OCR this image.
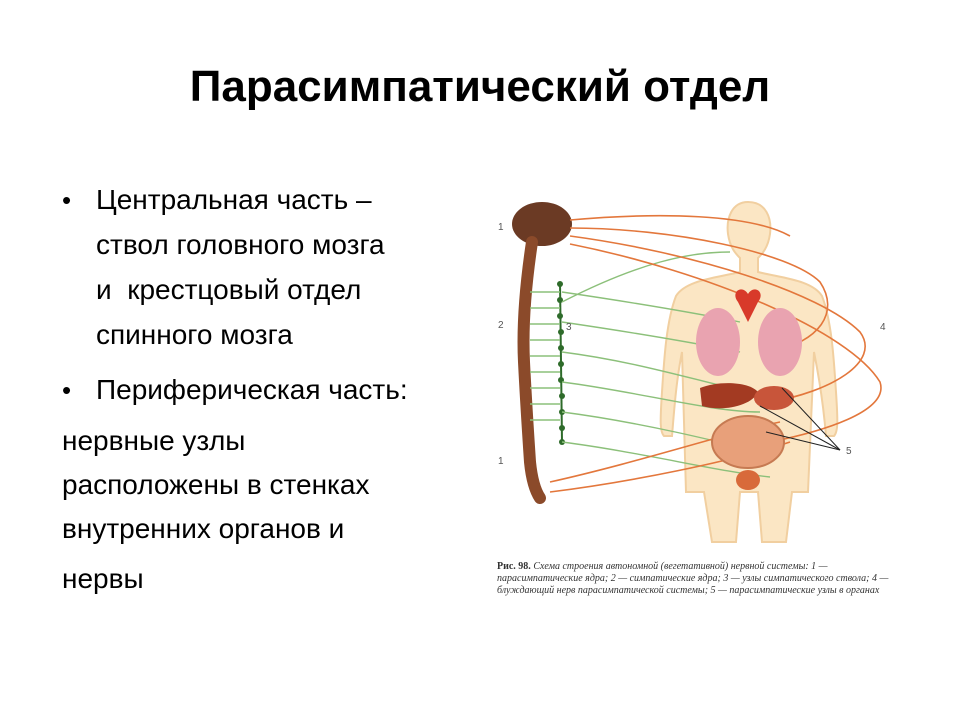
Парасимпатический отдел
• Центральная часть –
ствол головного мозга
и  крестцовый отдел
спинного мозга
• Периферическая часть:
нервные узлы
расположены в стенках
внутренних органов и
нервы
1
2	3	4
5
1
Рис. 98. Схема строения автономной (вегетативной) нервной системы: 1 — парасимпатические ядра; 2 — симпатические ядра; 3 — узлы симпатического ствола; 4 — блуждающий нерв парасимпатической системы; 5 — парасимпатические узлы в органах
